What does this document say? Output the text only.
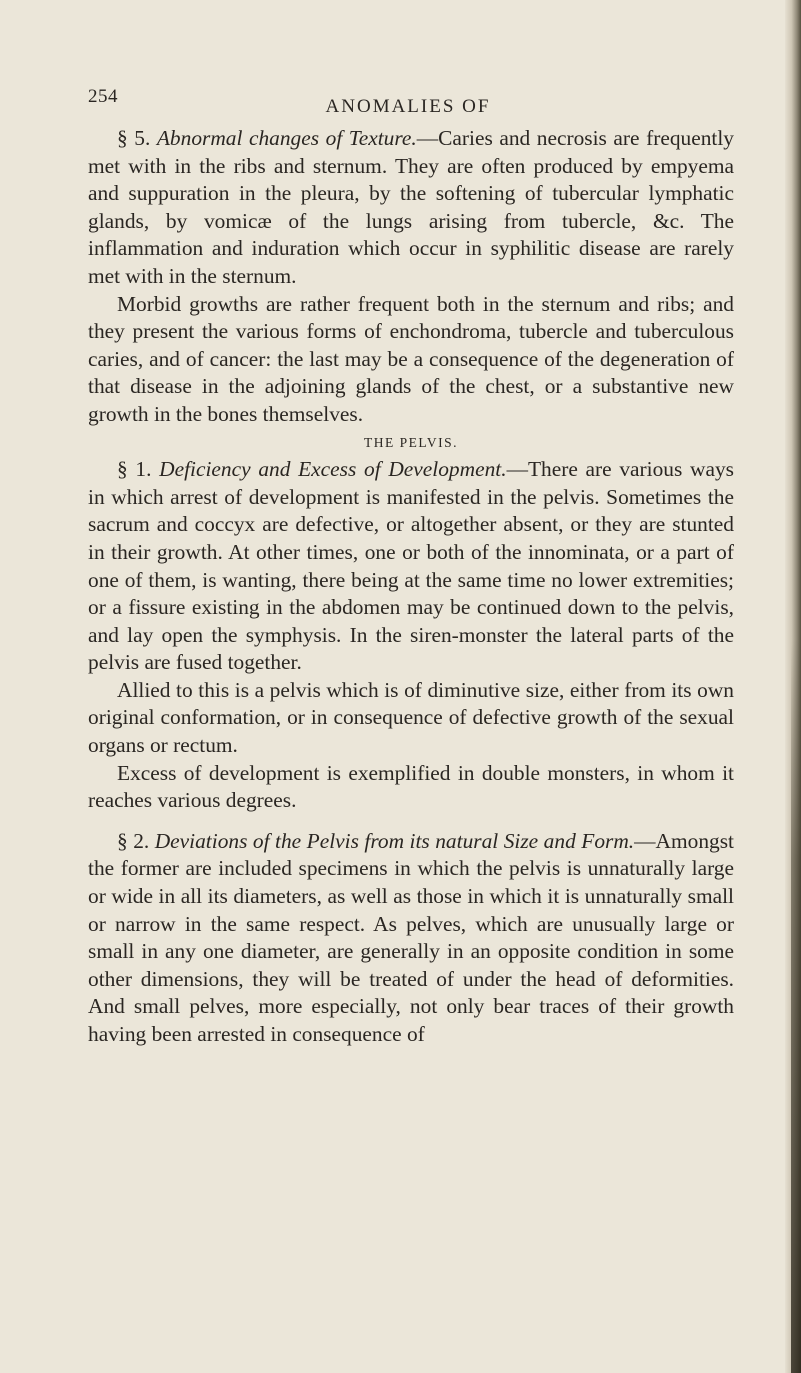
254	ANOMALIES OF

§ 5. Abnormal changes of Texture.—Caries and necrosis are frequently met with in the ribs and sternum. They are often produced by empyema and suppuration in the pleura, by the softening of tubercular lymphatic glands, by vomicæ of the lungs arising from tubercle, &c. The inflammation and induration which occur in syphilitic disease are rarely met with in the sternum.

Morbid growths are rather frequent both in the sternum and ribs; and they present the various forms of enchondroma, tubercle and tuberculous caries, and of cancer: the last may be a consequence of the degeneration of that disease in the adjoining glands of the chest, or a substantive new growth in the bones themselves.

THE PELVIS.

§ 1. Deficiency and Excess of Development.—There are various ways in which arrest of development is manifested in the pelvis. Sometimes the sacrum and coccyx are defective, or altogether absent, or they are stunted in their growth. At other times, one or both of the innominata, or a part of one of them, is wanting, there being at the same time no lower extremities; or a fissure existing in the abdomen may be continued down to the pelvis, and lay open the symphysis. In the siren-monster the lateral parts of the pelvis are fused together.

Allied to this is a pelvis which is of diminutive size, either from its own original conformation, or in consequence of defective growth of the sexual organs or rectum.

Excess of development is exemplified in double monsters, in whom it reaches various degrees.

§ 2. Deviations of the Pelvis from its natural Size and Form.—Amongst the former are included specimens in which the pelvis is unnaturally large or wide in all its diameters, as well as those in which it is unnaturally small or narrow in the same respect. As pelves, which are unusually large or small in any one diameter, are generally in an opposite condition in some other dimensions, they will be treated of under the head of deformities. And small pelves, more especially, not only bear traces of their growth having been arrested in consequence of
